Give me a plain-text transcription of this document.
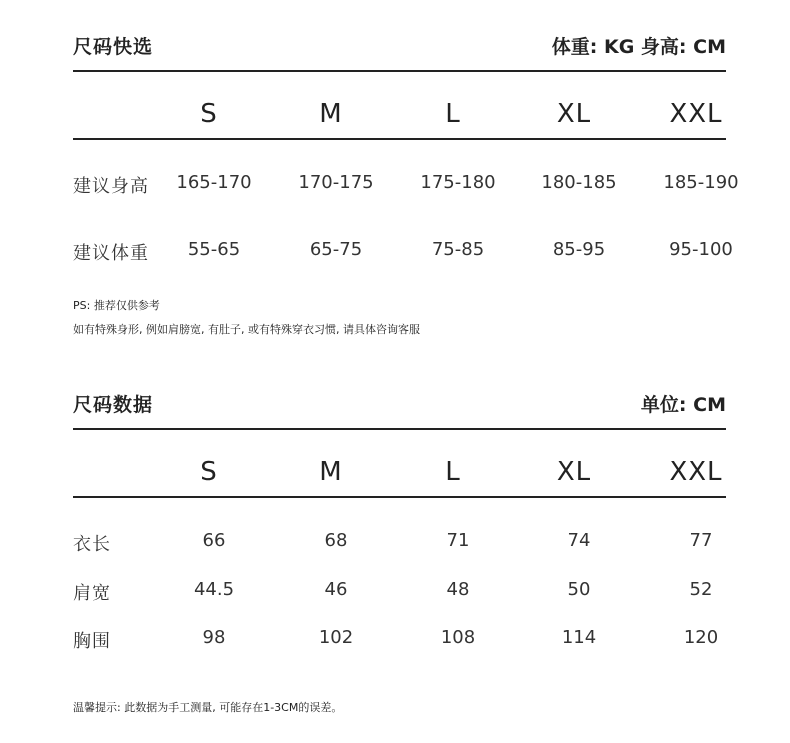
尺码快选	体重: KG 身高: CM
S	M	L	XL	XXL
建议身高	165-170	170-175	175-180	180-185	185-190
建议体重	55-65	65-75	75-85	85-95	95-100
PS: 推荐仅供参考
如有特殊身形, 例如肩膀宽, 有肚子, 或有特殊穿衣习惯, 请具体咨询客服
尺码数据	单位: CM
S	M	L	XL	XXL
衣长	66	68	71	74	77
肩宽	44.5	46	48	50	52
胸围	98	102	108	114	120
温馨提示: 此数据为手工测量, 可能存在1-3CM的误差。
